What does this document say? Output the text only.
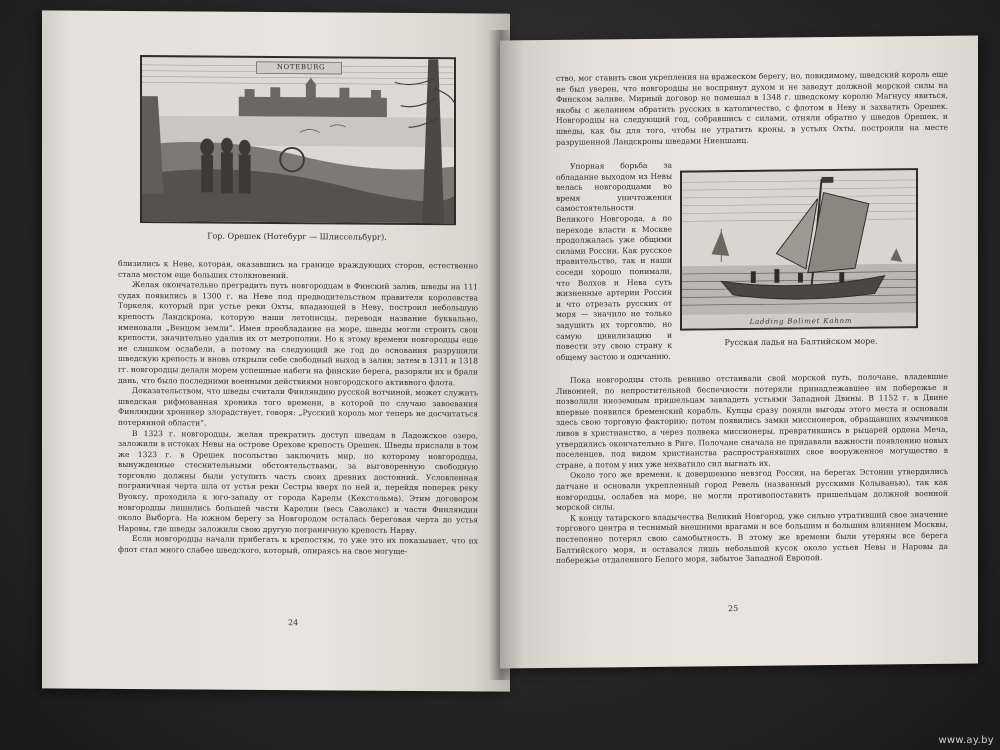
NOTEBURG
Гор. Орешек (Нотебург — Шлиссельбург).

близились к Неве, которая, оказавшись на границе враждующих сторон, естественно стала местом еще больших столкновений.

Желая окончательно преградить путь новгородцам в Финский залив, шведы на 111 судах появились в 1300 г. на Неве под предводительством правителя королевства Торкеля, который при устье реки Охты, впадающей в Неву, построил небольшую крепость Ландскрона, которую наши летописцы, переводя название буквально, именовали „Венцом земли“. Имея преобладание на море, шведы могли строить свои крепости, значительно удалив их от метрополии. Но к этому времени новгородцы еще не слишком ослабели, а потому на следующий же год до основания разрушили шведскую крепость и вновь открыли себе свободный выход в залив; затем в 1311 и 1318 гг. новгородцы делали морем успешные набеги на финские берега, разоряли их и брали дань, что было последними военными действиями новгородского активного флота.

Доказательством, что шведы считали Финляндию русской вотчиной, может служить шведская рифмованная хроника того времени, в которой по случаю завоевания Финляндии хроникер злорадствует, говоря: „Русский король мог теперь не досчитаться потерянной области“.

В 1323 г. новгородцы, желая прекратить доступ шведам в Ладожское озеро, заложили в истоках Невы на острове Орехове крепость Орешек. Шведы прислали в том же 1323 г. в Орешек посольство заключить мир, по которому новгородцы, вынужденные стеснительными обстоятельствами, за выговоренную свободную торговлю должны были уступить часть своих древних достояний. Условленная пограничная черта шла от устья реки Сестры вверх по ней и, перейдя поперек реку Вуоксу, проходила к юго-западу от города Карелы (Кексгольма). Этим договором новгородцы лишились большей части Карелии (весь Саволакс) и части Финляндии около Выборга. На южном берегу за Новгородом осталась береговая черта до устья Наровы, где шведы заложили свою другую пограничную крепость Нарву.

Если новгородцы начали прибегать к крепостям, то уже это их показывает, что их флот стал много слабее шведского, который, опираясь на свое могуще-

24

ство, мог ставить свои укрепления на вражеском берегу, но, повидимому, шведский король еще не был уверен, что новгородцы не воспрянут духом и не заведут должной морской силы на Финском заливе. Мирный договор не помешал в 1348 г. шведскому королю Магнусу явиться, якобы с желанием обратить русских в католичество, с флотом в Неву и захватить Орешек. Новгородцы на следующий год, собравшись с силами, отняли обратно у шведов Орешек, и шведы, как бы для того, чтобы не утратить кроны, в устьях Охты, построили на месте разрушенной Ландскроны шведами Ниеншанц.

Упорная борьба за обладание выходом из Невы велась новгородцами во время уничтожения самостоятельности Великого Новгорода, а по переходе власти к Москве продолжалась уже общими силами России. Как русское правительство, так и наши соседи хорошо понимали, что Волхов и Нева суть жизненные артерии России и что отрезать русских от моря — значило не только задушить их торговлю, но самую цивилизацию и повести эту свою страну к общему застою и одичанию.

Ladding Bolimet Kahnm
Русская ладья на Балтийском море.

Пока новгородцы столь ревниво отстаивали свой морской путь, полочане, владевшие Ливонией, по непростительной беспечности потеряли принадлежавшее им побережье и позволили иноземным пришельцам завладеть устьями Западной Двины. В 1152 г. в Двине впервые появился бременский корабль. Купцы сразу поняли выгоды этого места и основали здесь свою торговую факторию; потом появились замки миссионеров, обращавших язычников ливов в христианство, а через полвека миссионеры, превратившись в рыцарей ордена Меча, утвердились окончательно в Риге. Полочане сначала не придавали важности появлению новых поселенцев, под видом христианства распространявших свое вооруженное могущество в стране, а потом у них уже нехватило сил выгнать их.

Около того же времени, к довершению невзгод России, на берегах Эстонии утвердились датчане и основали укрепленный город Ревель (названный русскими Колыванью), так как новгородцы, ослабев на море, не могли противопоставить пришельцам должной военной морской силы.

К концу татарского владычества Великий Новгород, уже сильно утративший свое значение торгового центра и теснимый внешними врагами и все большим и большим влиянием Москвы, постепенно потерял свою самобытность. В этому же времени были утеряны все берега Балтийского моря, и оставался лишь небольшой кусок около устьев Невы и Наровы да побережье отдаленного Белого моря, забытое Западной Европой.

25
www.ay.by
